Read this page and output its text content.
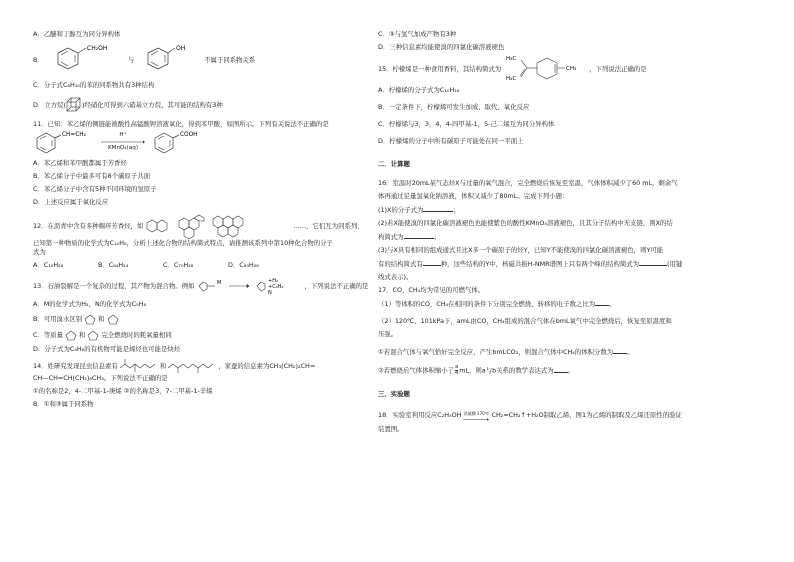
A．乙醚和丁醇互为同分异构体
B．
CH₂OH
与
OH
不属于同系物关系
C．分子式C₈H₁₀的苯的同系物共有3种结构
D．立方烷(	)经硝化可得到六硝基立方烷，其可能的结构有3种
11．已知：苯乙烯的侧链能被酸性高锰酸钾溶液氧化，得到苯甲酸，如图所示。下列有关说法不正确的是
CH=CH₂	H⁺
KMnO₄(aq)
COOH
A．苯乙烯和苯甲酸都属于芳香烃
B．苯乙烯分子中最多可有8个碳原子共面
C．苯乙烯分子中含有5种不同环境的氢原子
D．上述反应属于氧化反应
12．在沥青中含有多种稠环芳香烃，如	……，它们互为同系列，
已知第一种物质的化学式为C₁₀H₈，分析上述化合物的结构简式特点，请推测该系列中第10种化合物的分子
式为
A．C₁₀H₂₈	B．C₆₄H₂₄	C．C₇₀H₂₈	D．C₈₀H₂₈
13．石油裂解是一个复杂的过程，其产物为混合物。例如	M	+H₂
+C₄H₆
N
，下列说法不正确的是
A．M的化学式为H₂，N的化学式为C₅H₈
B．可用溴水区别	和
C．等质量	和	完全燃烧时的耗氧量相同
D．分子式为C₄H₆的有机物可能是烯烃也可能是炔烃
14．姓研究发现昆虫信息素有	和	，家蚕的信息素为CH₃(CH₂)₂CH=
CH—CH=CH(CH₂)₈CH₃。下列说法不正确的是
①的名称是2，4-二甲基-1-庚烯 ②的名称是3，7-二甲基-1-辛烯
B．①和③属于同系物
C．③与氢气加成产物有3种
D．三种信息素均能使溴的四氯化碳溶液褪色
15．柠檬烯是一种食用香料，其结构简式为
H₃C
H₂C
CH₃ ，下列说法正确的是
A．柠檬烯的分子式为C₁₀H₁₆
B．一定条件下，柠檬烯可发生加成、取代、氧化反应
C．柠檬烯与3，3，4，4-四甲基-1，5-己二烯互为同分异构体
D．柠檬烯的分子中所有碳原子可能处在同一平面上
二．计算题
16．室温时20mL某气态烃X与过量的氧气混合，完全燃烧后恢复至室温，气体体积减少了60 mL，剩余气
体再通过足量氢氧化钠溶液，体积又减少了80mL。完成下列小题：
(1)X的分子式为	；
(2)若X能使溴的四氯化碳溶液褪色也能使紫色的酸性KMnO₄溶液褪色，且其分子结构中无支链，则X的结
构简式为	；
(3)与X具有相同的组成通式且比X多一个碳原子的烃Y，已知Y不能使溴的四氯化碳溶液褪色，则Y可能
有的结构简式有	种，这些结构的Y中，核磁共振H-NMR谱图上只有两个峰的结构简式为	(用键
线式表示)。
17．CO，CH₄均为常见的可燃气体。
（1）等体积的CO，CH₄在相同的条件下分别完全燃烧，转移的电子数之比为 。
（2）120℃、101kPa下，amL由CO，CH₄组成的混合气体在bmL氧气中完全燃烧后，恢复至原温度和
压强。
①若混合气体与氧气恰好完全反应，产生bmLCO₂，则混合气体中CH₄的体积分数为 。
②若燃烧后气体体积缩小了 $\frac{a}{4}$ mL，则a与b关系的数学表达式为 。
三．实验题
18．实验室利用反应C₂H₅OH 浓硫酸 170℃ CH₂=CH₂↑+H₂O制取乙烯，图1为乙烯的制取及乙烯还原性的验证
装置图。
